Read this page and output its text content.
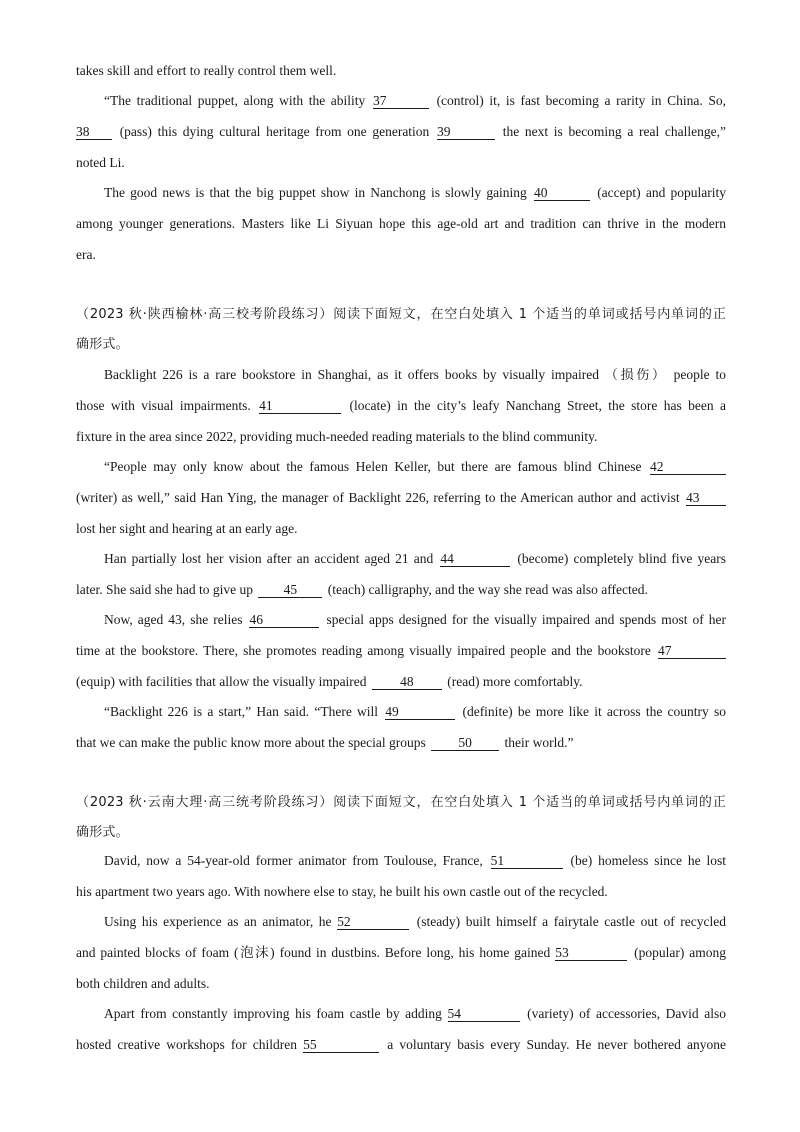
takes skill and effort to really control them well.
“The traditional puppet, along with the ability 37	(control) it, is fast becoming a rarity in China. So,
38 (pass) this dying cultural heritage from one generation 39	the next is becoming a real challenge,”
noted Li.
The good news is that the big puppet show in Nanchong is slowly gaining 40	(accept) and popularity
among younger generations. Masters like Li Siyuan hope this age-old art and tradition can thrive in the modern
era.
（2023 秋·陕西榆林·高三校考阶段练习）阅读下面短文，在空白处填入 1 个适当的单词或括号内单词的正
确形式。
Backlight 226 is a rare bookstore in Shanghai, as it offers books by visually impaired （损伤） people to
those with visual impairments. 41	(locate) in the city’s leafy Nanchang Street, the store has been a
fixture in the area since 2022, providing much-needed reading materials to the blind community.
“People may only know about the famous Helen Keller, but there are famous blind Chinese 42
(writer) as well,” said Han Ying, the manager of Backlight 226, referring to the American author and activist 43
lost her sight and hearing at an early age.
Han partially lost her vision after an accident aged 21 and 44	(become) completely blind five years
later. She said she had to give up 45 (teach) calligraphy, and the way she read was also affected.
Now, aged 43, she relies 46	special apps designed for the visually impaired and spends most of her
time at the bookstore. There, she promotes reading among visually impaired people and the bookstore 47
(equip) with facilities that allow the visually impaired 48 (read) more comfortably.
“Backlight 226 is a start,” Han said. “There will 49	(definite) be more like it across the country so
that we can make the public know more about the special groups 50 their world.”
（2023 秋·云南大理·高三统考阶段练习）阅读下面短文，在空白处填入 1 个适当的单词或括号内单词的正
确形式。
David, now a 54-year-old former animator from Toulouse, France, 51	(be) homeless since he lost
his apartment two years ago. With nowhere else to stay, he built his own castle out of the recycled.
Using his experience as an animator, he 52	(steady) built himself a fairytale castle out of recycled
and painted blocks of foam (泡沫) found in dustbins. Before long, his home gained 53	(popular) among
both children and adults.
Apart from constantly improving his foam castle by adding 54	(variety) of accessories, David also
hosted creative workshops for children 55	a voluntary basis every Sunday. He never bothered anyone
